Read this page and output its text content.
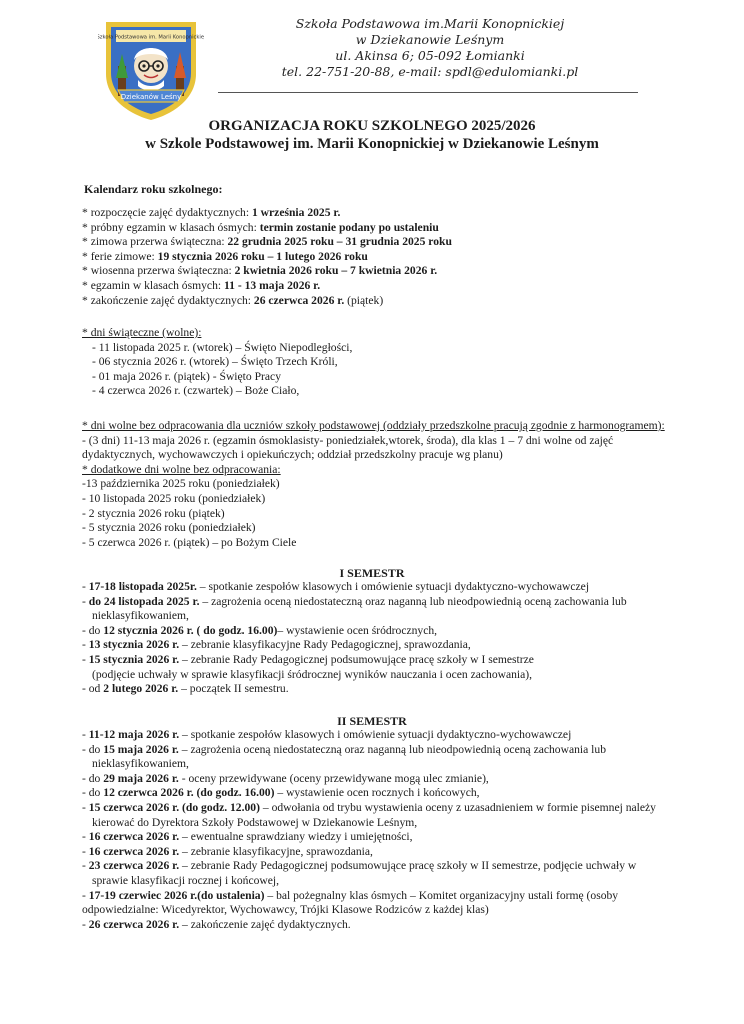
Szkoła Podstawowa im. Marii Konopnickiej
Dziekanów Leśny
Szkoła Podstawowa im.Marii Konopnickiej
w Dziekanowie Leśnym
ul. Akinsa 6; 05-092 Łomianki
tel. 22-751-20-88, e-mail: spdl@edulomianki.pl
ORGANIZACJA ROKU SZKOLNEGO 2025/2026
w Szkole Podstawowej im. Marii Konopnickiej w Dziekanowie Leśnym
Kalendarz roku szkolnego:

* rozpoczęcie zajęć dydaktycznych: 1 września 2025 r.

* próbny egzamin w klasach ósmych: termin zostanie podany po ustaleniu

* zimowa przerwa świąteczna: 22 grudnia 2025 roku – 31 grudnia 2025 roku

* ferie zimowe: 19 stycznia 2026 roku – 1 lutego 2026 roku

* wiosenna przerwa świąteczna: 2 kwietnia 2026 roku – 7 kwietnia 2026 r.

* egzamin w klasach ósmych: 11 - 13 maja 2026 r.

* zakończenie zajęć dydaktycznych: 26 czerwca 2026 r. (piątek)

* dni świąteczne (wolne):

- 11 listopada 2025 r. (wtorek) – Święto Niepodległości,

- 06 stycznia 2026 r. (wtorek) – Święto Trzech Króli,

- 01 maja 2026 r. (piątek) - Święto Pracy

- 4 czerwca 2026 r. (czwartek) – Boże Ciało,

* dni wolne bez odpracowania dla uczniów szkoły podstawowej (oddziały przedszkolne pracują zgodnie z harmonogramem):

- (3 dni) 11-13 maja 2026 r. (egzamin ósmoklasisty- poniedziałek,wtorek, środa), dla klas 1 – 7 dni wolne od zajęć

dydaktycznych, wychowawczych i opiekuńczych; oddział przedszkolny pracuje wg planu)

* dodatkowe dni wolne bez odpracowania:

-13 października 2025 roku (poniedziałek)

- 10 listopada 2025 roku (poniedziałek)

- 2 stycznia 2026 roku (piątek)

- 5 stycznia 2026 roku (poniedziałek)

- 5 czerwca 2026 r. (piątek) – po Bożym Ciele

I SEMESTR

- 17-18 listopada 2025r. – spotkanie zespołów klasowych i omówienie sytuacji dydaktyczno-wychowawczej

- do 24 listopada 2025 r. – zagrożenia oceną niedostateczną oraz naganną lub nieodpowiednią oceną zachowania lub

nieklasyfikowaniem,

- do 12 stycznia 2026 r. ( do godz. 16.00)– wystawienie ocen śródrocznych,

- 13 stycznia 2026 r. – zebranie klasyfikacyjne Rady Pedagogicznej, sprawozdania,

- 15 stycznia 2026 r. – zebranie Rady Pedagogicznej podsumowujące pracę szkoły w I semestrze

(podjęcie uchwały w sprawie klasyfikacji śródrocznej wyników nauczania i ocen zachowania),

- od 2 lutego 2026 r. – początek II semestru.

II SEMESTR

- 11-12 maja 2026 r. – spotkanie zespołów klasowych i omówienie sytuacji dydaktyczno-wychowawczej

- do 15 maja 2026 r. – zagrożenia oceną niedostateczną oraz naganną lub nieodpowiednią oceną zachowania lub

nieklasyfikowaniem,

- do 29 maja 2026 r. - oceny przewidywane (oceny przewidywane mogą ulec zmianie),

- do 12 czerwca 2026 r. (do godz. 16.00) – wystawienie ocen rocznych i końcowych,

- 15 czerwca 2026 r. (do godz. 12.00) – odwołania od trybu wystawienia oceny z uzasadnieniem w formie pisemnej należy

kierować do Dyrektora Szkoły Podstawowej w Dziekanowie Leśnym,

- 16 czerwca 2026 r. – ewentualne sprawdziany wiedzy i umiejętności,

- 16 czerwca 2026 r. – zebranie klasyfikacyjne, sprawozdania,

- 23 czerwca 2026 r. – zebranie Rady Pedagogicznej podsumowujące pracę szkoły w II semestrze, podjęcie uchwały w

sprawie klasyfikacji rocznej i końcowej,

- 17-19 czerwiec 2026 r.(do ustalenia) – bal pożegnalny klas ósmych – Komitet organizacyjny ustali formę (osoby

odpowiedzialne: Wicedyrektor, Wychowawcy, Trójki Klasowe Rodziców z każdej klas)

- 26 czerwca 2026 r. – zakończenie zajęć dydaktycznych.
